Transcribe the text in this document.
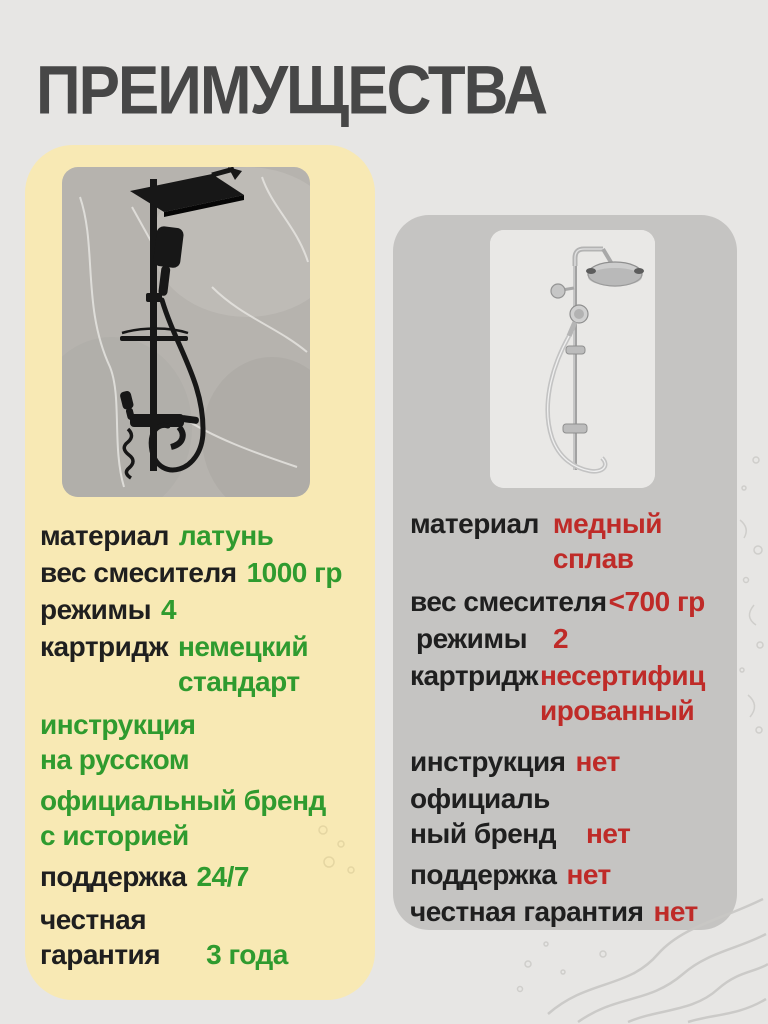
ПРЕИМУЩЕСТВА
материал латунь
вес смесителя 1000 гр
режимы 4
картридж немецкий
стандарт
инструкция
на русском
официальный бренд
с историей
поддержка 24/7
честная
гарантия 3 года
материал медный
сплав
вес смесителя <700 гр
режимы 2
картридж несертифиц
ированный
инструкция нет
официаль
ный бренд нет
поддержка нет
честная гарантия нет
